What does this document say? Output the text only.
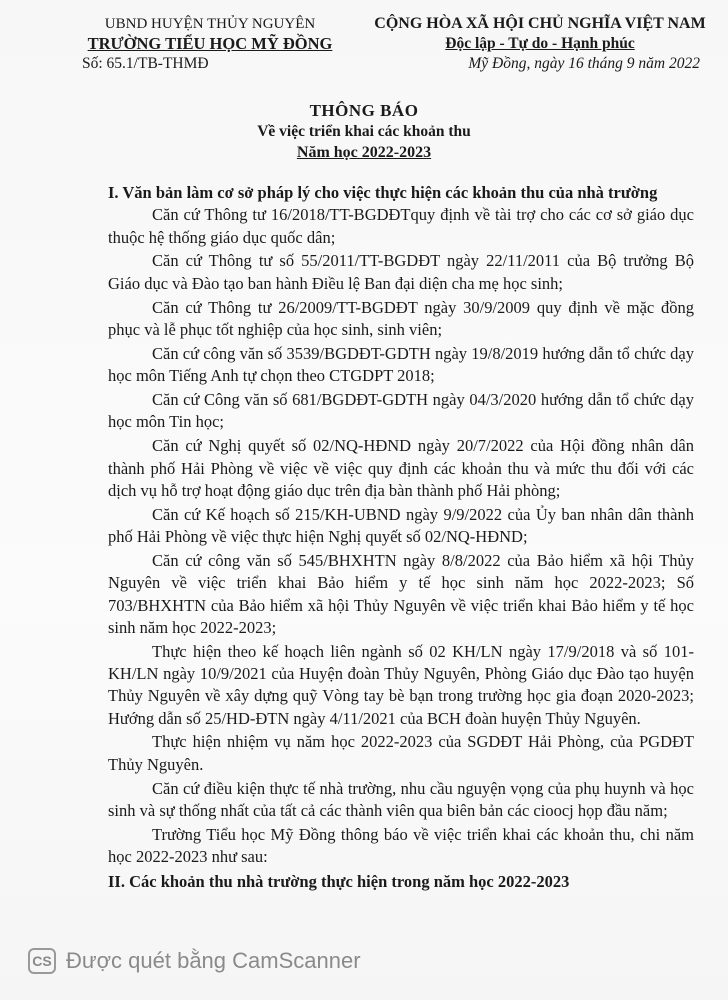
UBND HUYỆN THỦY NGUYÊN
TRƯỜNG TIỂU HỌC MỸ ĐỒNG
Số: 65.1/TB-THMĐ
CỘNG HÒA XÃ HỘI CHỦ NGHĨA VIỆT NAM
Độc lập - Tự do - Hạnh phúc
Mỹ Đồng, ngày 16 tháng 9 năm 2022
THÔNG BÁO
Về việc triển khai các khoản thu
Năm học 2022-2023
I. Văn bản làm cơ sở pháp lý cho việc thực hiện các khoản thu của nhà trường
Căn cứ Thông tư 16/2018/TT-BGDĐTquy định về tài trợ cho các cơ sở giáo dục thuộc hệ thống giáo dục quốc dân;
Căn cứ Thông tư số 55/2011/TT-BGDĐT ngày 22/11/2011 của Bộ trưởng Bộ Giáo dục và Đào tạo ban hành Điều lệ Ban đại diện cha mẹ học sinh;
Căn cứ Thông tư 26/2009/TT-BGDĐT ngày 30/9/2009 quy định về mặc đồng phục và lễ phục tốt nghiệp của học sinh, sinh viên;
Căn cứ công văn số 3539/BGDĐT-GDTH ngày 19/8/2019 hướng dẫn tổ chức dạy học môn Tiếng Anh tự chọn theo CTGDPT 2018;
Căn cứ Công văn số 681/BGDĐT-GDTH ngày 04/3/2020 hướng dẫn tổ chức dạy học môn Tin học;
Căn cứ Nghị quyết số 02/NQ-HĐND ngày 20/7/2022 của Hội đồng nhân dân thành phố Hải Phòng về việc về việc quy định các khoản thu và mức thu đối với các dịch vụ hỗ trợ hoạt động giáo dục trên địa bàn thành phố Hải phòng;
Căn cứ Kế hoạch số 215/KH-UBND ngày 9/9/2022 của Ủy ban nhân dân thành phố Hải Phòng về việc thực hiện Nghị quyết số 02/NQ-HĐND;
Căn cứ công văn số 545/BHXHTN ngày 8/8/2022 của Bảo hiểm xã hội Thủy Nguyên về việc triển khai Bảo hiểm y tế học sinh năm học 2022-2023; Số 703/BHXHTN của Bảo hiểm xã hội Thủy Nguyên về việc triển khai Bảo hiểm y tế học sinh năm học 2022-2023;
Thực hiện theo kế hoạch liên ngành số 02 KH/LN ngày 17/9/2018 và số 101-KH/LN ngày 10/9/2021 của Huyện đoàn Thủy Nguyên, Phòng Giáo dục Đào tạo huyện Thủy Nguyên về xây dựng quỹ Vòng tay bè bạn trong trường học gia đoạn 2020-2023; Hướng dẫn số 25/HD-ĐTN ngày 4/11/2021 của BCH đoàn huyện Thủy Nguyên.
Thực hiện nhiệm vụ năm học 2022-2023 của SGDĐT Hải Phòng, của PGDĐT Thủy Nguyên.
Căn cứ điều kiện thực tế nhà trường, nhu cầu nguyện vọng của phụ huynh và học sinh và sự thống nhất của tất cả các thành viên qua biên bản các cioocj họp đầu năm;
Trường Tiểu học Mỹ Đồng thông báo về việc triển khai các khoản thu, chi năm học 2022-2023 như sau:
II. Các khoản thu nhà trường thực hiện trong năm học 2022-2023
CS Được quét bằng CamScanner
